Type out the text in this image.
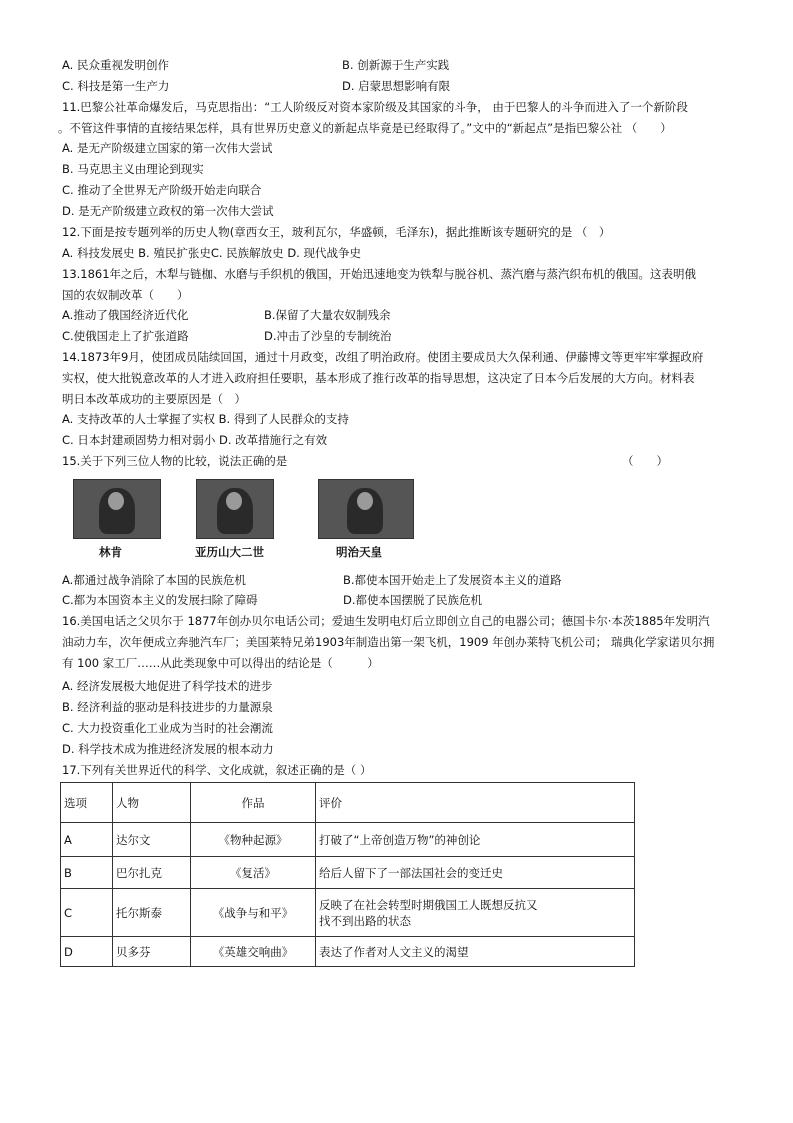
A. 民众重视发明创作	B. 创新源于生产实践
C. 科技是第一生产力	D. 启蒙思想影响有限
11.巴黎公社革命爆发后，马克思指出：“工人阶级反对资本家阶级及其国家的斗争， 由于巴黎人的斗争而进入了一个新阶段
。不管这件事情的直接结果怎样，具有世界历史意义的新起点毕竟是已经取得了。”文中的“新起点”是指巴黎公社 （　　）
A. 是无产阶级建立国家的第一次伟大尝试
B. 马克思主义由理论到现实
C. 推动了全世界无产阶级开始走向联合
D. 是无产阶级建立政权的第一次伟大尝试
12.下面是按专题列举的历史人物(章西女王，玻利瓦尔，华盛顿，毛泽东)，据此推断该专题研究的是 （　）
A. 科技发展史 B. 殖民扩张史C. 民族解放史 D. 现代战争史
13.1861年之后，木犁与链枷、水磨与手织机的俄国，开始迅速地变为铁犁与脱谷机、蒸汽磨与蒸汽织布机的俄国。这表明俄
国的农奴制改革（　　）
A.推动了俄国经济近代化	B.保留了大量农奴制残余
C.使俄国走上了扩张道路	D.冲击了沙皇的专制统治
14.1873年9月，使团成员陆续回国，通过十月政变，改组了明治政府。使团主要成员大久保利通、伊藤博文等更牢牢掌握政府
实权，使大批锐意改革的人才进入政府担任要职，基本形成了推行改革的指导思想，这决定了日本今后发展的大方向。材料表
明日本改革成功的主要原因是（　）
A. 支持改革的人士掌握了实权 B. 得到了人民群众的支持
C. 日本封建顽固势力相对弱小 D. 改革措施行之有效
15.关于下列三位人物的比较，说法正确的是	（　　）
林肯	亚历山大二世	明治天皇
A.都通过战争消除了本国的民族危机	B.都使本国开始走上了发展资本主义的道路
C.都为本国资本主义的发展扫除了障碍	D.都使本国摆脱了民族危机
16.美国电话之父贝尔于 1877年创办贝尔电话公司；爱迪生发明电灯后立即创立自己的电器公司；德国卡尔·本茨1885年发明汽
油动力车，次年便成立奔驰汽车厂；美国莱特兄弟1903年制造出第一架飞机，1909 年创办莱特飞机公司； 瑞典化学家诺贝尔拥
有 100 家工厂……从此类现象中可以得出的结论是（　　　）
A. 经济发展极大地促进了科学技术的进步
B. 经济利益的驱动是科技进步的力量源泉
C. 大力投资重化工业成为当时的社会潮流
D. 科学技术成为推进经济发展的根本动力
17.下列有关世界近代的科学、文化成就，叙述正确的是（ ）
选项	人物	作品	评价
A	达尔文	《物种起源》	打破了“上帝创造万物”的神创论
B	巴尔扎克	《复活》	给后人留下了一部法国社会的变迁史
C	托尔斯泰	《战争与和平》	反映了在社会转型时期俄国工人既想反抗又
找不到出路的状态

D	贝多芬	《英雄交响曲》	表达了作者对人文主义的渴望
